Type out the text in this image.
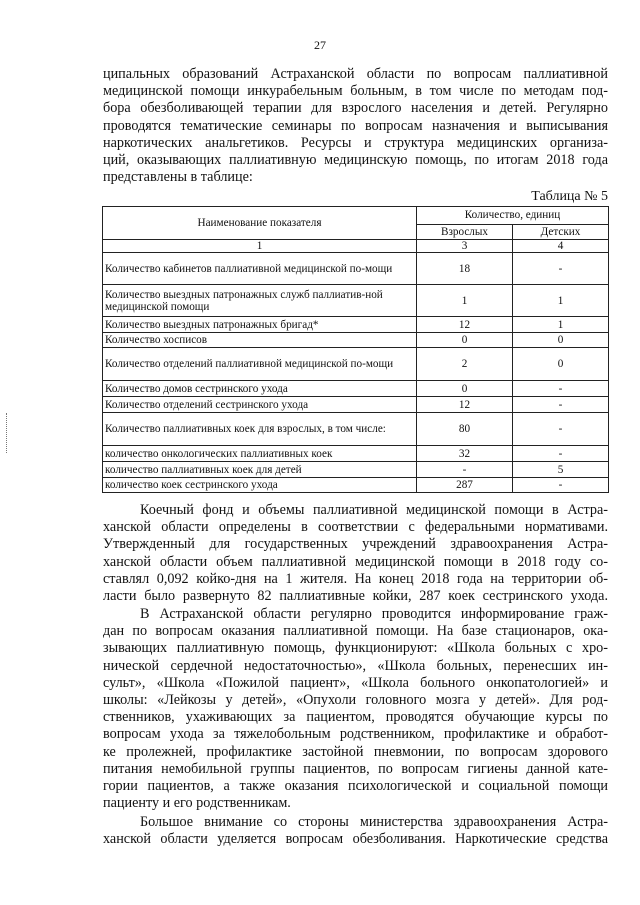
27

ципальных образований Астраханской области по вопросам паллиативной
медицинской помощи инкурабельным больным, в том числе по методам под-
бора обезболивающей терапии для взрослого населения и детей. Регулярно
проводятся тематические семинары по вопросам назначения и выписывания
наркотических анальгетиков. Ресурсы и структура медицинских организа-
ций, оказывающих паллиативную медицинскую помощь, по итогам 2018 года
представлены в таблице:

Таблица № 5
Наименование показателя	Количество, единиц	
	Взрослых	Детских
1	3	4
Количество кабинетов паллиативной медицинской по-мощи	18	-
Количество выездных патронажных служб паллиатив-ной медицинской помощи	1	1
Количество выездных патронажных бригад*	12	1
Количество хосписов	0	0
Количество отделений паллиативной медицинской по-мощи	2	0
Количество домов сестринского ухода	0	-
Количество отделений сестринского ухода	12	-
Количество паллиативных коек для взрослых, в том числе:	80	-
количество онкологических паллиативных коек	32	-
количество паллиативных коек для детей	-	5
количество коек сестринского ухода	287	-

Коечный фонд и объемы паллиативной медицинской помощи в Астра-
ханской области определены в соответствии с федеральными нормативами.
Утвержденный для государственных учреждений здравоохранения Астра-
ханской области объем паллиативной медицинской помощи в 2018 году со-
ставлял 0,092 койко-дня на 1 жителя. На конец 2018 года на территории об-
ласти было развернуто 82 паллиативные койки, 287 коек сестринского ухода.

В Астраханской области регулярно проводится информирование граж-
дан по вопросам оказания паллиативной помощи. На базе стационаров, ока-
зывающих паллиативную помощь, функционируют: «Школа больных с хро-
нической сердечной недостаточностью», «Школа больных, перенесших ин-
сульт», «Школа «Пожилой пациент», «Школа больного онкопатологией» и
школы: «Лейкозы у детей», «Опухоли головного мозга у детей». Для род-
ственников, ухаживающих за пациентом, проводятся обучающие курсы по
вопросам ухода за тяжелобольным родственником, профилактике и обработ-
ке пролежней, профилактике застойной пневмонии, по вопросам здорового
питания немобильной группы пациентов, по вопросам гигиены данной кате-
гории пациентов, а также оказания психологической и социальной помощи
пациенту и его родственникам.

Большое внимание со стороны министерства здравоохранения Астра-
ханской области уделяется вопросам обезболивания. Наркотические средства
